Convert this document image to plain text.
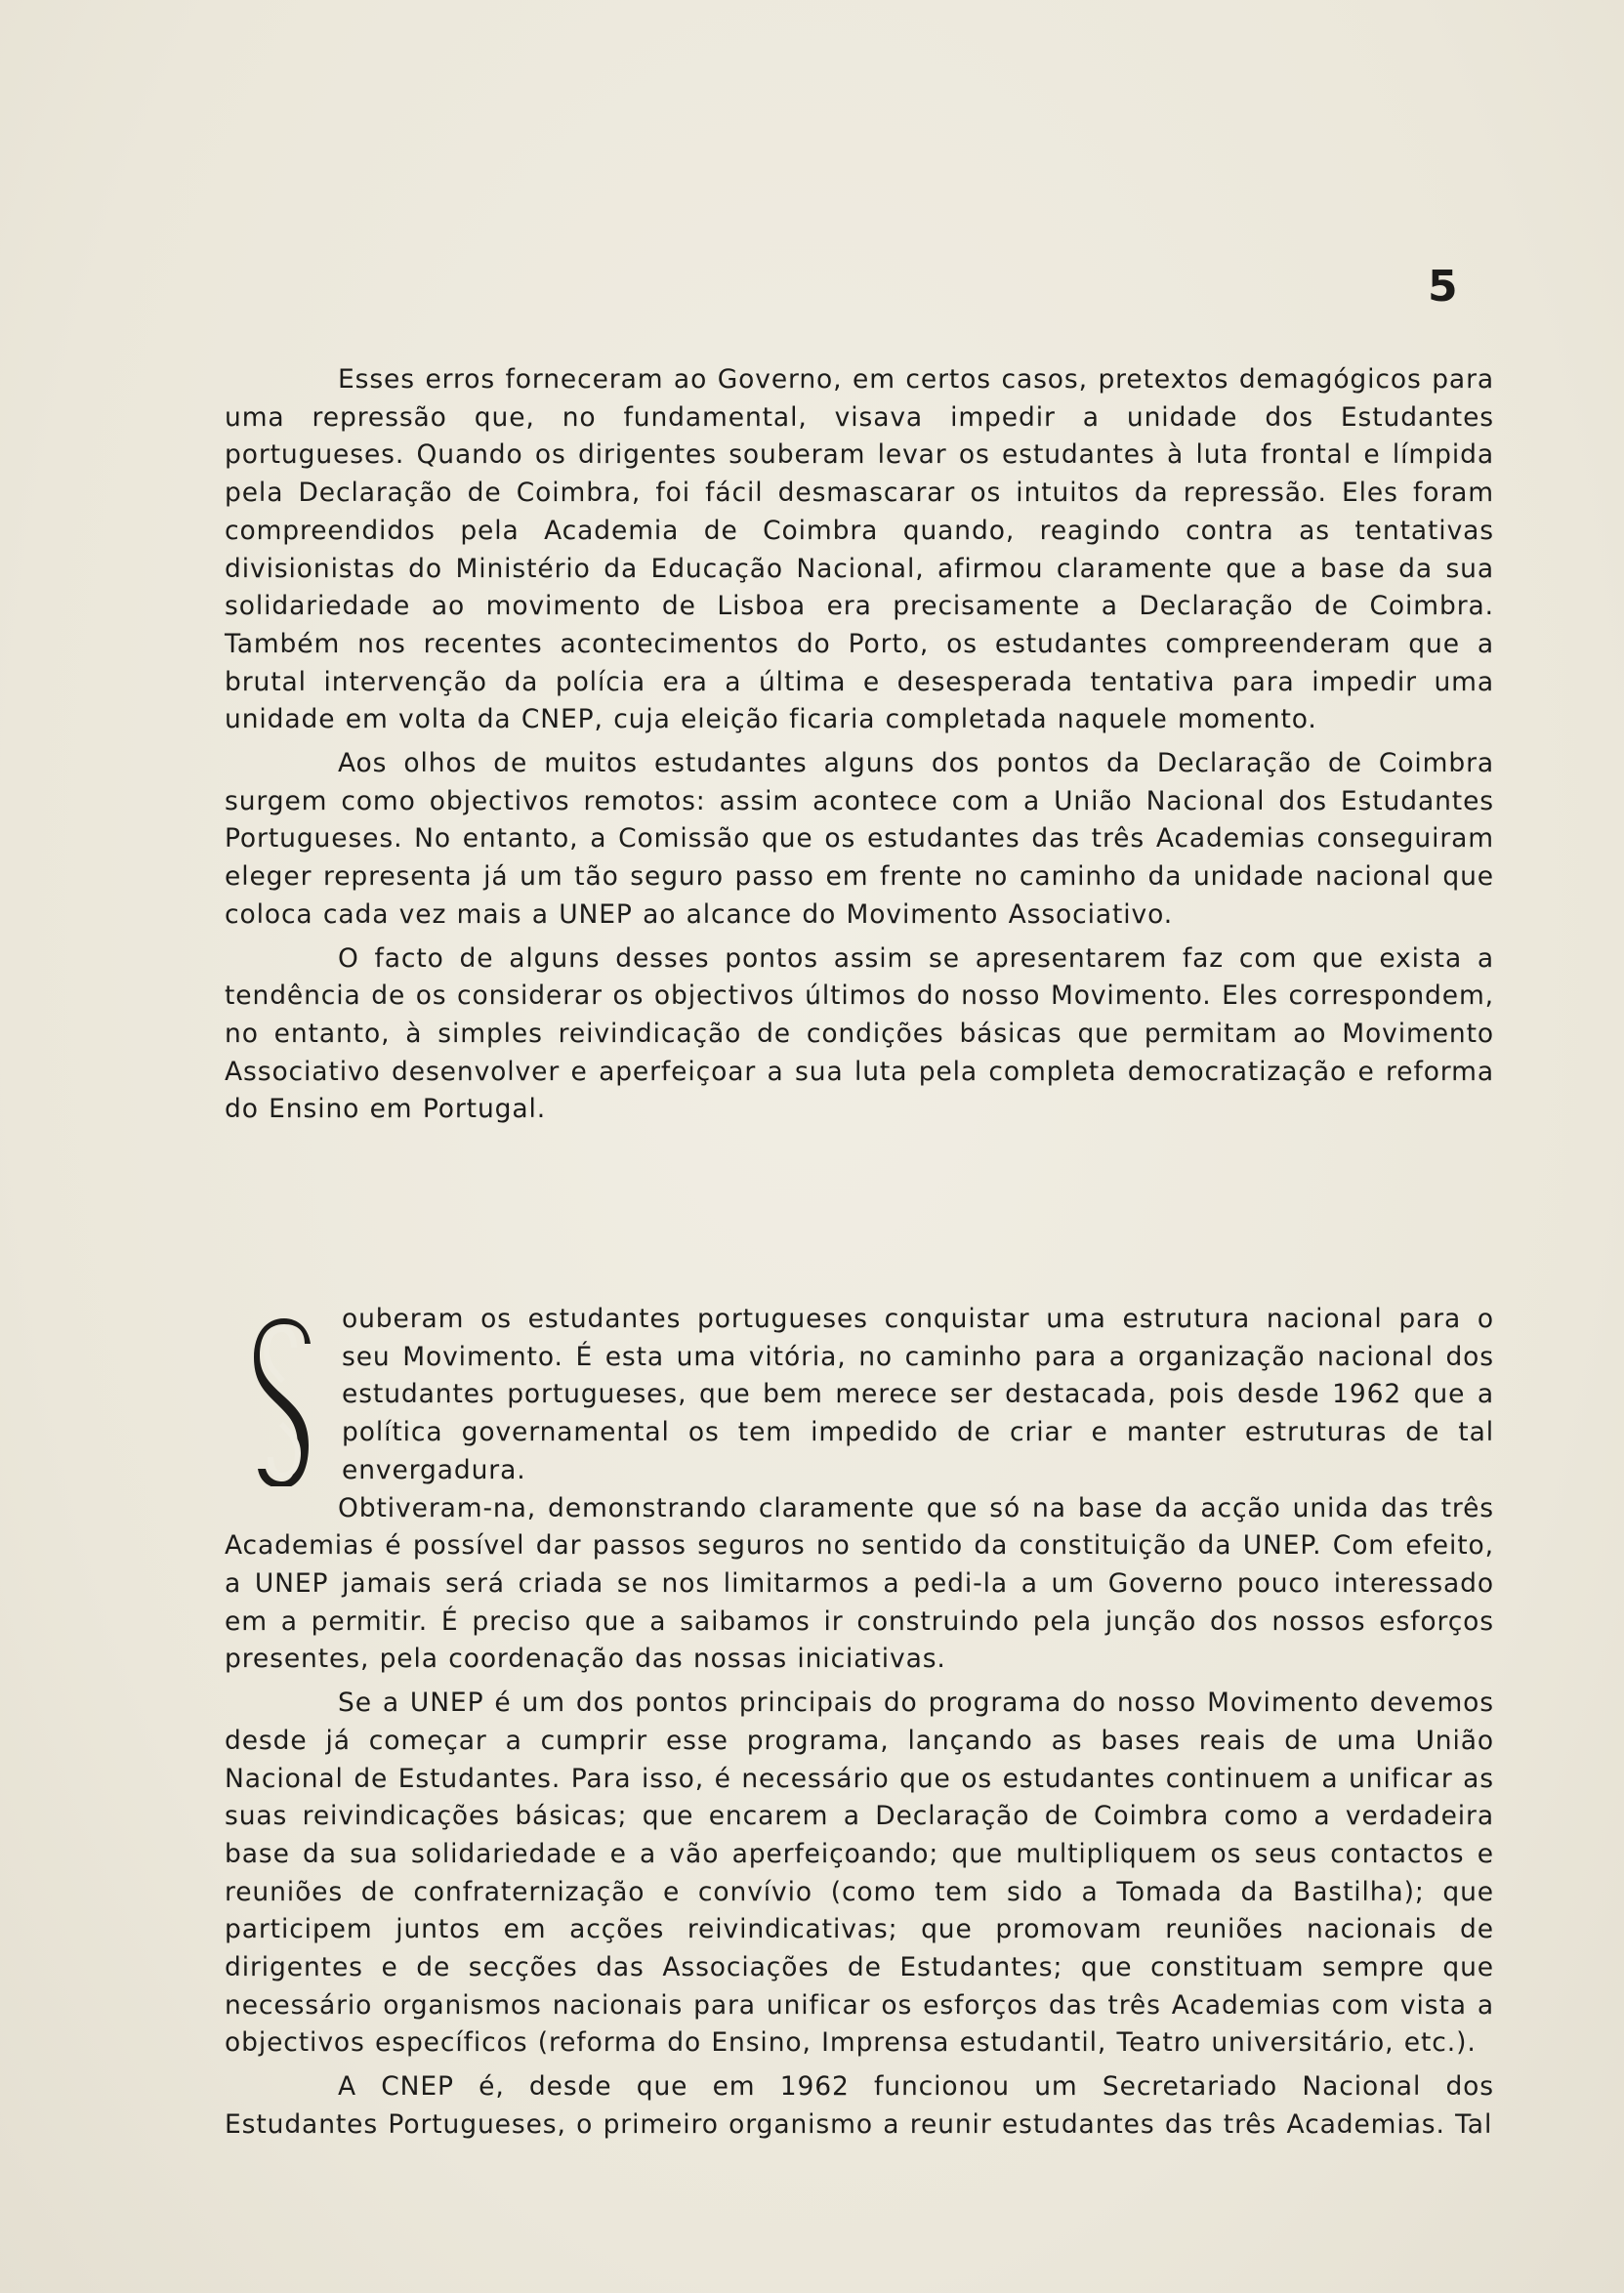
5

Esses erros forneceram ao Governo, em certos casos, pretextos demagógicos para uma repressão que, no fundamental, visava impedir a unidade dos Estudantes portugueses. Quando os dirigentes souberam levar os estudantes à luta frontal e límpida pela Declaração de Coimbra, foi fácil desmascarar os intuitos da repressão. Eles foram compreendidos pela Academia de Coimbra quando, reagindo contra as tentativas divisionistas do Ministério da Educação Nacional, afirmou claramente que a base da sua solidariedade ao movimento de Lisboa era precisamente a Declaração de Coimbra. Também nos recentes acontecimentos do Porto, os estudantes compreenderam que a brutal intervenção da polícia era a última e desesperada tentativa para impedir uma unidade em volta da CNEP, cuja eleição ficaria completada naquele momento.

Aos olhos de muitos estudantes alguns dos pontos da Declaração de Coimbra surgem como objectivos remotos: assim acontece com a União Nacional dos Estudantes Portugueses. No entanto, a Comissão que os estudantes das três Academias conseguiram eleger representa já um tão seguro passo em frente no caminho da unidade nacional que coloca cada vez mais a UNEP ao alcance do Movimento Associativo.

O facto de alguns desses pontos assim se apresentarem faz com que exista a tendência de os considerar os objectivos últimos do nosso Movimento. Eles correspondem, no entanto, à simples reivindicação de condições básicas que permitam ao Movimento Associativo desenvolver e aperfeiçoar a sua luta pela completa democratização e reforma do Ensino em Portugal.

ouberam os estudantes portugueses conquistar uma estrutura nacional para o seu Movimento. É esta uma vitória, no caminho para a organização nacional dos estudantes portugueses, que bem merece ser destacada, pois desde 1962 que a política governamental os tem impedido de criar e manter estruturas de tal envergadura.

Obtiveram-na, demonstrando claramente que só na base da acção unida das três Academias é possível dar passos seguros no sentido da constituição da UNEP. Com efeito, a UNEP jamais será criada se nos limitarmos a pedi-la a um Governo pouco interessado em a permitir. É preciso que a saibamos ir construindo pela junção dos nossos esforços presentes, pela coordenação das nossas iniciativas.

Se a UNEP é um dos pontos principais do programa do nosso Movimento devemos desde já começar a cumprir esse programa, lançando as bases reais de uma União Nacional de Estudantes. Para isso, é necessário que os estudantes continuem a unificar as suas reivindicações básicas; que encarem a Declaração de Coimbra como a verdadeira base da sua solidariedade e a vão aperfeiçoando; que multipliquem os seus contactos e reuniões de confraternização e convívio (como tem sido a Tomada da Bastilha); que participem juntos em acções reivindicativas; que promovam reuniões nacionais de dirigentes e de secções das Associações de Estudantes; que constituam sempre que necessário organismos nacionais para unificar os esforços das três Academias com vista a objectivos específicos (reforma do Ensino, Imprensa estudantil, Teatro universitário, etc.).

A CNEP é, desde que em 1962 funcionou um Secretariado Nacional dos Estudantes Portugueses, o primeiro organismo a reunir estudantes das três Academias. Tal
